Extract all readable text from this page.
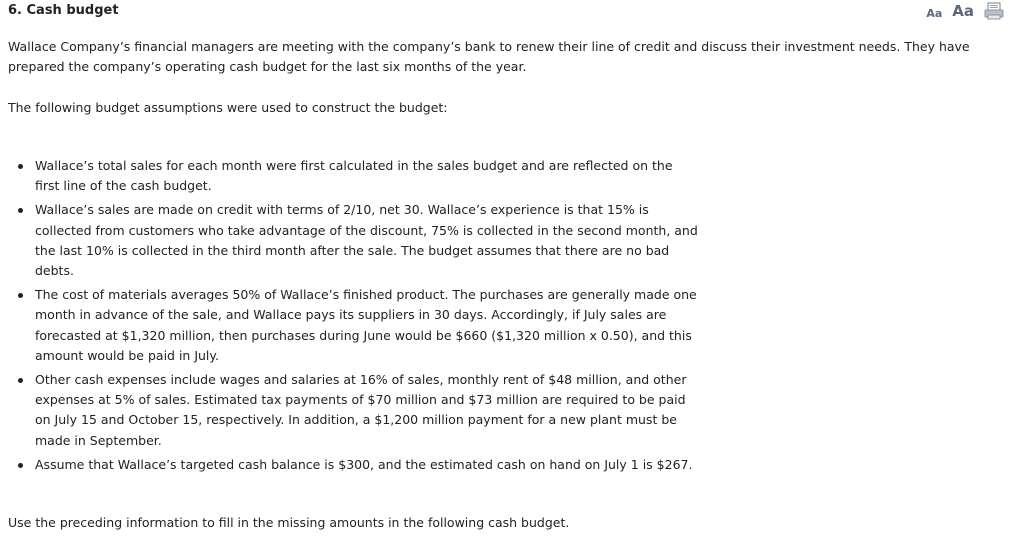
6. Cash budget	Aa Aa

Wallace Company’s financial managers are meeting with the company’s bank to renew their line of credit and discuss their investment needs. They have prepared the company’s operating cash budget for the last six months of the year.

The following budget assumptions were used to construct the budget:

Wallace’s total sales for each month were first calculated in the sales budget and are reflected on the first line of the cash budget.
Wallace’s sales are made on credit with terms of 2/10, net 30. Wallace’s experience is that 15% is collected from customers who take advantage of the discount, 75% is collected in the second month, and the last 10% is collected in the third month after the sale. The budget assumes that there are no bad debts.
The cost of materials averages 50% of Wallace’s finished product. The purchases are generally made one month in advance of the sale, and Wallace pays its suppliers in 30 days. Accordingly, if July sales are forecasted at $1,320 million, then purchases during June would be $660 ($1,320 million x 0.50), and this amount would be paid in July.
Other cash expenses include wages and salaries at 16% of sales, monthly rent of $48 million, and other expenses at 5% of sales. Estimated tax payments of $70 million and $73 million are required to be paid on July 15 and October 15, respectively. In addition, a $1,200 million payment for a new plant must be made in September.
Assume that Wallace’s targeted cash balance is $300, and the estimated cash on hand on July 1 is $267.

Use the preceding information to fill in the missing amounts in the following cash budget.
